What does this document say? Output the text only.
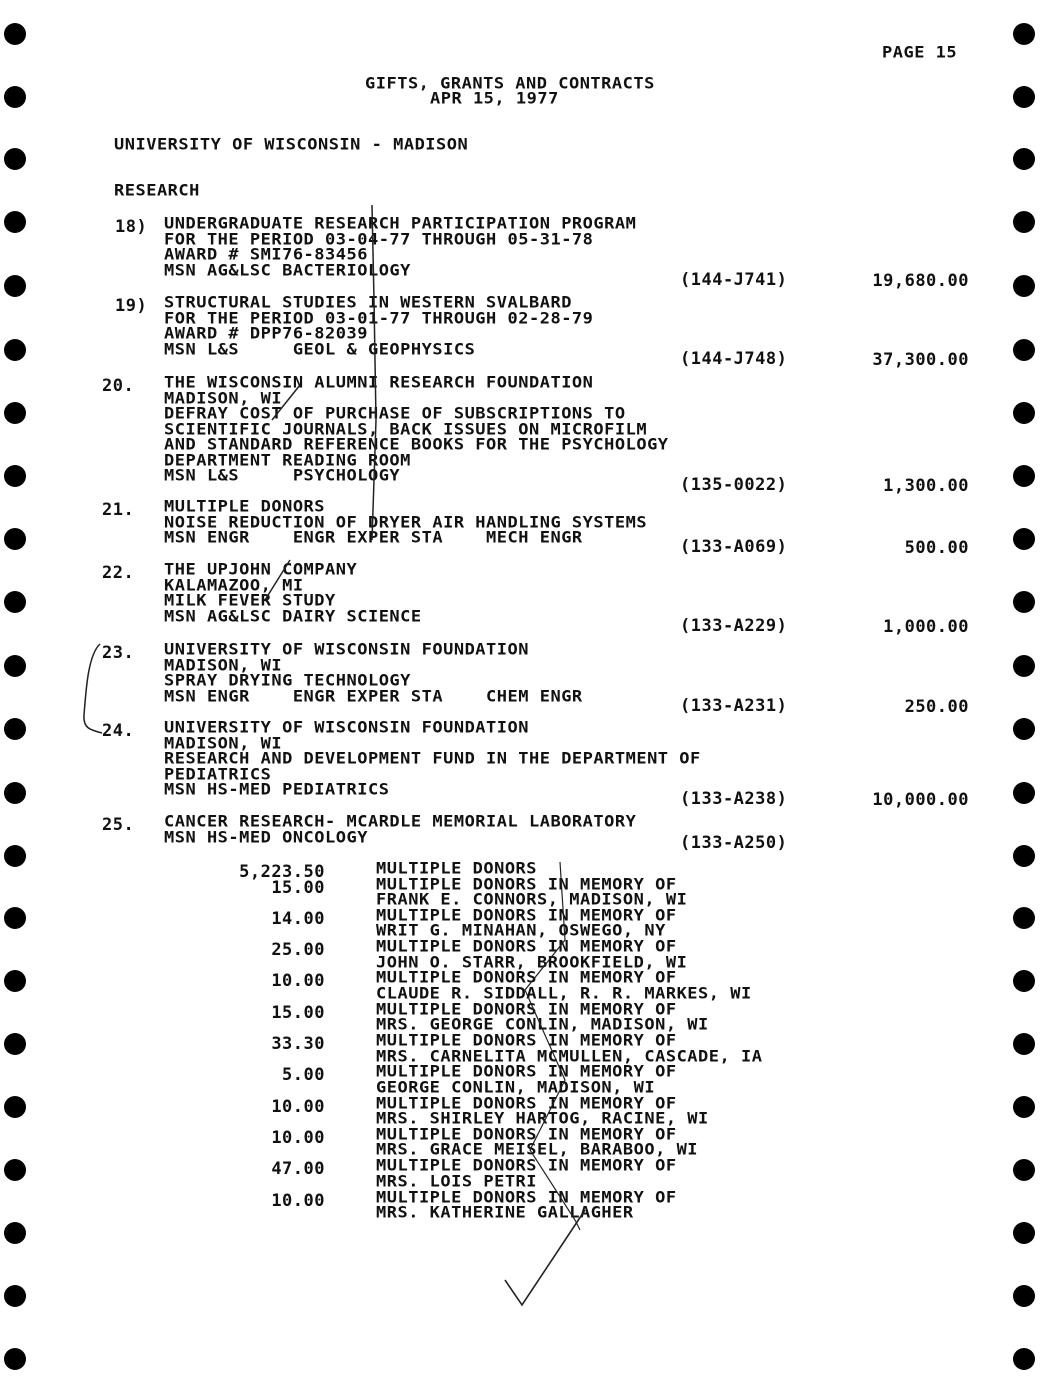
PAGE 15
GIFTS, GRANTS AND CONTRACTS
APR 15, 1977
UNIVERSITY OF WISCONSIN - MADISON
RESEARCH
18) UNDERGRADUATE RESEARCH PARTICIPATION PROGRAM
FOR THE PERIOD 03-04-77 THROUGH 05-31-78
AWARD # SMI76-83456
MSN AG&LSC BACTERIOLOGY	(144-J741)	19,680.00
19) STRUCTURAL STUDIES IN WESTERN SVALBARD
FOR THE PERIOD 03-01-77 THROUGH 02-28-79
AWARD # DPP76-82039
MSN L&S     GEOL & GEOPHYSICS	(144-J748)	37,300.00
20. THE WISCONSIN ALUMNI RESEARCH FOUNDATION
MADISON, WI
DEFRAY COST OF PURCHASE OF SUBSCRIPTIONS TO
SCIENTIFIC JOURNALS, BACK ISSUES ON MICROFILM
AND STANDARD REFERENCE BOOKS FOR THE PSYCHOLOGY
DEPARTMENT READING ROOM
MSN L&S     PSYCHOLOGY	(135-0022)	1,300.00
21. MULTIPLE DONORS
NOISE REDUCTION OF DRYER AIR HANDLING SYSTEMS
MSN ENGR    ENGR EXPER STA    MECH ENGR	(133-A069)	500.00
22. THE UPJOHN COMPANY
KALAMAZOO, MI
MILK FEVER STUDY
MSN AG&LSC DAIRY SCIENCE	(133-A229)	1,000.00
23. UNIVERSITY OF WISCONSIN FOUNDATION
MADISON, WI
SPRAY DRYING TECHNOLOGY
MSN ENGR    ENGR EXPER STA    CHEM ENGR	(133-A231)	250.00
24. UNIVERSITY OF WISCONSIN FOUNDATION
MADISON, WI
RESEARCH AND DEVELOPMENT FUND IN THE DEPARTMENT OF
PEDIATRICS
MSN HS-MED PEDIATRICS	(133-A238)	10,000.00
25. CANCER RESEARCH- MCARDLE MEMORIAL LABORATORY
MSN HS-MED ONCOLOGY	(133-A250)
5,223.50	MULTIPLE DONORS
15.00	MULTIPLE DONORS IN MEMORY OF
FRANK E. CONNORS, MADISON, WI
14.00	MULTIPLE DONORS IN MEMORY OF
WRIT G. MINAHAN, OSWEGO, NY
25.00	MULTIPLE DONORS IN MEMORY OF
JOHN O. STARR, BROOKFIELD, WI
10.00	MULTIPLE DONORS IN MEMORY OF
CLAUDE R. SIDDALL, R. R. MARKES, WI
15.00	MULTIPLE DONORS IN MEMORY OF
MRS. GEORGE CONLIN, MADISON, WI
33.30	MULTIPLE DONORS IN MEMORY OF
MRS. CARNELITA MCMULLEN, CASCADE, IA
5.00	MULTIPLE DONORS IN MEMORY OF
GEORGE CONLIN, MADISON, WI
10.00	MULTIPLE DONORS IN MEMORY OF
MRS. SHIRLEY HARTOG, RACINE, WI
10.00	MULTIPLE DONORS IN MEMORY OF
MRS. GRACE MEISEL, BARABOO, WI
47.00	MULTIPLE DONORS IN MEMORY OF
MRS. LOIS PETRI
10.00	MULTIPLE DONORS IN MEMORY OF
MRS. KATHERINE GALLAGHER
